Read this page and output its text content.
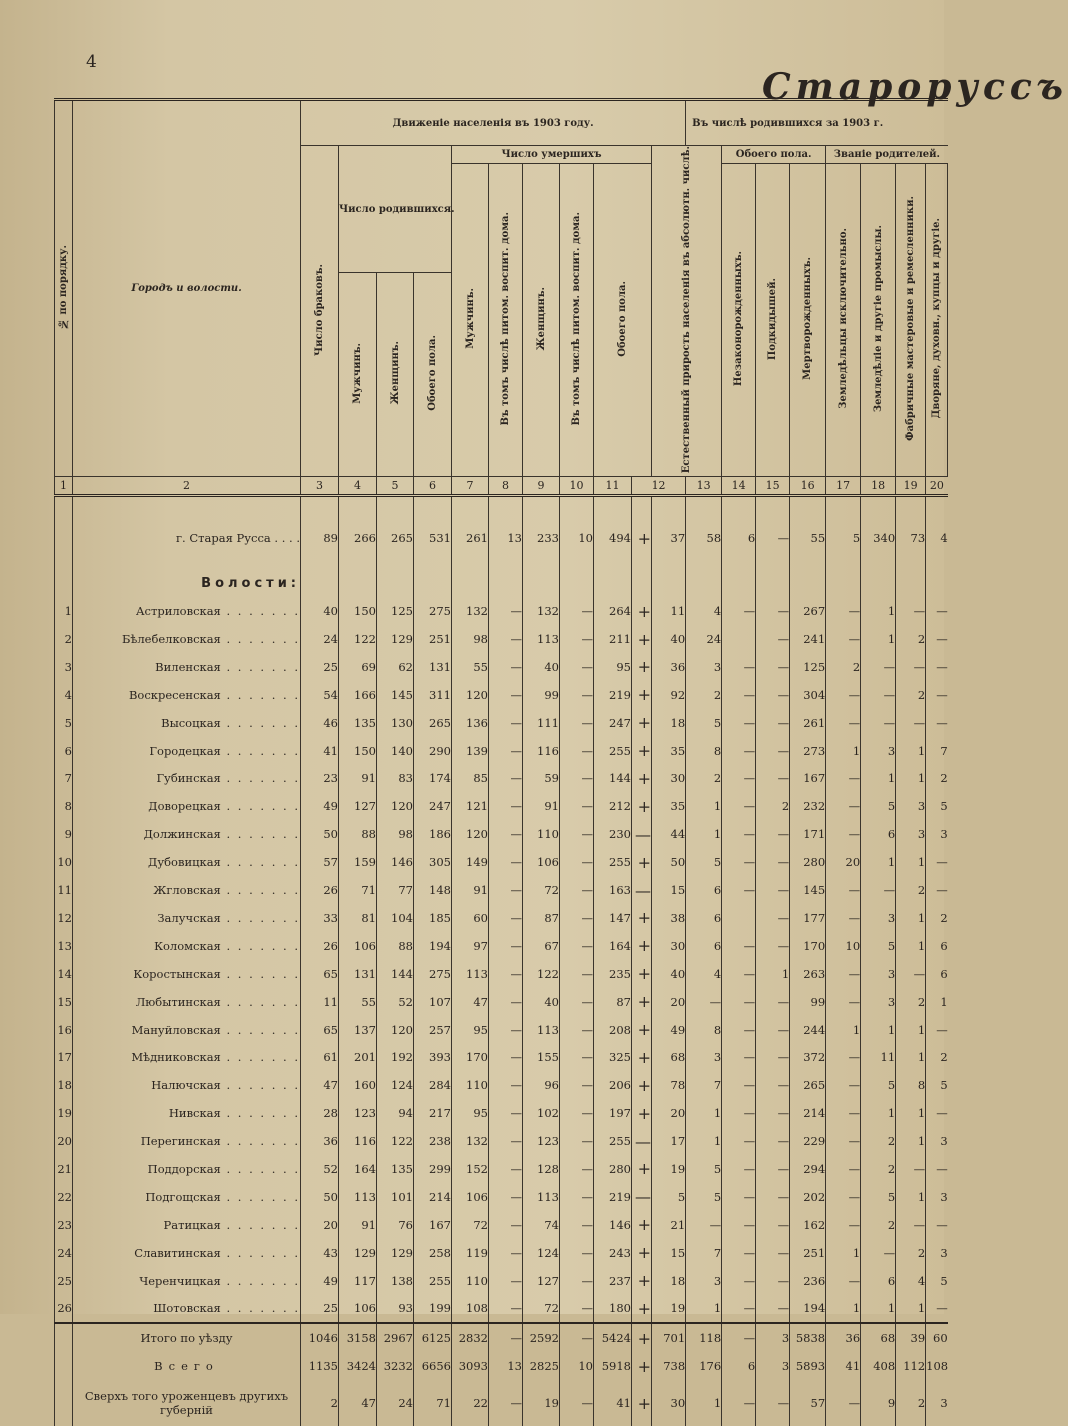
4
Староруссъ
№ по порядку.	Городъ и волости.	Движеніе населенія въ 1903 году.											Въ числѣ родившихся за 1903 г.								
		Число браковъ.	Число родившихся.			Число умершихъ						Естественный прирость населенія въ абсолютн. числѣ.		Обоего пола.			Званіе родителей.				
						Мужчинъ.	Въ томъ числѣ питом. воспит. дома.	Женщинъ.	Въ томъ числѣ питом. воспит. дома.	Обоего пола.				Незаконорожденныхъ.	Подкидышей.	Мертворожденныхъ.	Земледѣльцы исключительно.	Земледѣліе и другіе промыслы.	Фабричные мастеровые и ремесленники.	Дворяне, духовн., купцы и другіе.	
			Мужчинъ.	Женщинъ.	Обоего пола.																
1	2	3	4	5	6	7	8	9	10	11	12		13	14	15	16	17	18	19	20	

	г. Старая Русса . . . .	89	266	265	531	261	13	233	10	494	+	37	58	6	—	55	5	340	73	4	
	Волости:																				
1	Астриловская . . . . . . .	40	150	125	275	132	—	132	—	264	+	11	4	—	—	267	—	1	—	—	
2	Бѣлебелковская . . . . . . .	24	122	129	251	98	—	113	—	211	+	40	24		—	241	—	1	2	—	
3	Виленская . . . . . . .	25	69	62	131	55	—	40	—	95	+	36	3	—	—	125	2	—	—	—	
4	Воскресенская . . . . . . .	54	166	145	311	120	—	99	—	219	+	92	2	—	—	304	—	—	2	—	
5	Высоцкая . . . . . . .	46	135	130	265	136	—	111	—	247	+	18	5	—	—	261	—	—	—	—	
6	Городецкая . . . . . . .	41	150	140	290	139	—	116	—	255	+	35	8	—	—	273	1	3	1	7	
7	Губинская . . . . . . .	23	91	83	174	85	—	59	—	144	+	30	2	—	—	167	—	1	1	2	
8	Доворецкая . . . . . . .	49	127	120	247	121	—	91	—	212	+	35	1	—	2	232	—	5	3	5	
9	Должинская . . . . . . .	50	88	98	186	120	—	110	—	230	—	44	1	—	—	171	—	6	3	3	
10	Дубовицкая . . . . . . .	57	159	146	305	149	—	106	—	255	+	50	5	—	—	280	20	1	1	—	
11	Жгловская . . . . . . .	26	71	77	148	91	—	72	—	163	—	15	6	—	—	145	—	—	2	—	
12	Залучская . . . . . . .	33	81	104	185	60	—	87	—	147	+	38	6		—	177	—	3	1	2	
13	Коломская . . . . . . .	26	106	88	194	97	—	67	—	164	+	30	6	—	—	170	10	5	1	6	
14	Коростынская . . . . . . .	65	131	144	275	113	—	122	—	235	+	40	4	—	1	263	—	3	—	6	
15	Любытинская . . . . . . .	11	55	52	107	47	—	40	—	87	+	20	—	—	—	99	—	3	2	1	
16	Мануйловская . . . . . . .	65	137	120	257	95	—	113	—	208	+	49	8	—	—	244	1	1	1	—	
17	Мѣдниковская . . . . . . .	61	201	192	393	170	—	155	—	325	+	68	3	—	—	372	—	11	1	2	
18	Налючская . . . . . . .	47	160	124	284	110	—	96	—	206	+	78	7	—	—	265	—	5	8	5	
19	Нивская . . . . . . .	28	123	94	217	95	—	102	—	197	+	20	1	—	—	214	—	1	1	—	
20	Перегинская . . . . . . .	36	116	122	238	132	—	123	—	255	—	17	1	—	—	229	—	2	1	3	
21	Поддорская . . . . . . .	52	164	135	299	152	—	128	—	280	+	19	5	—	—	294	—	2	—	—	
22	Подгощская . . . . . . .	50	113	101	214	106	—	113	—	219	—	5	5	—	—	202	—	5	1	3	
23	Ратицкая . . . . . . .	20	91	76	167	72	—	74	—	146	+	21	—	—	—	162	—	2	—	—	
24	Славитинская . . . . . . .	43	129	129	258	119	—	124	—	243	+	15	7	—	—	251	1	—	2	3	
25	Черенчицкая . . . . . . .	49	117	138	255	110	—	127	—	237	+	18	3	—	—	236	—	6	4	5	
26	Шотовская . . . . . . .	25	106	93	199	108	—	72	—	180	+	19	1	—	—	194	1	1	1	—	
	Итого по уѣзду	1046	3158	2967	6125	2832	—	2592	—	5424	+	701	118	—	3	5838	36	68	39	60	
	Всего	1135	3424	3232	6656	3093	13	2825	10	5918	+	738	176	6	3	5893	41	408	112	108	
	Сверхъ того уроженцевъ другихъ губерній	2	47	24	71	22	—	19	—	41	+	30	1	—	—	57	—	9	2	3	
